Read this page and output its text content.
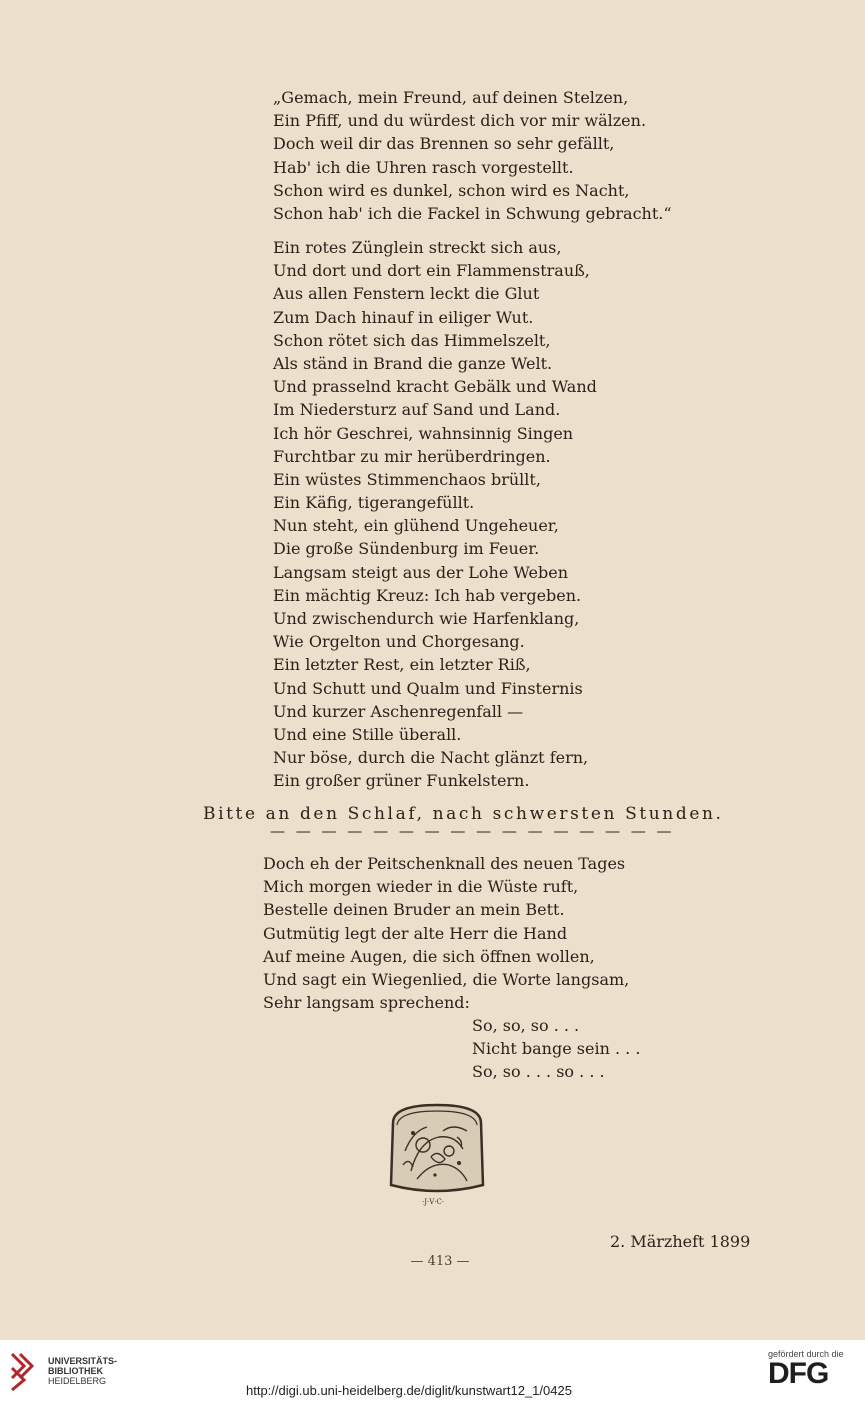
„Gemach, mein Freund, auf deinen Stelzen,
Ein Pfiff, und du würdest dich vor mir wälzen.
Doch weil dir das Brennen so sehr gefällt,
Hab' ich die Uhren rasch vorgestellt.
Schon wird es dunkel, schon wird es Nacht,
Schon hab' ich die Fackel in Schwung gebracht.“
Ein rotes Zünglein streckt sich aus,
Und dort und dort ein Flammenstrauß,
Aus allen Fenstern leckt die Glut
Zum Dach hinauf in eiliger Wut.
Schon rötet sich das Himmelszelt,
Als ständ in Brand die ganze Welt.
Und prasselnd kracht Gebälk und Wand
Im Niedersturz auf Sand und Land.
Ich hör Geschrei, wahnsinnig Singen
Furchtbar zu mir herüberdringen.
Ein wüstes Stimmenchaos brüllt,
Ein Käfig, tigerangefüllt.
Nun steht, ein glühend Ungeheuer,
Die große Sündenburg im Feuer.
Langsam steigt aus der Lohe Weben
Ein mächtig Kreuz: Ich hab vergeben.
Und zwischendurch wie Harfenklang,
Wie Orgelton und Chorgesang.
Ein letzter Rest, ein letzter Riß,
Und Schutt und Qualm und Finsternis
Und kurzer Aschenregenfall —
Und eine Stille überall.
Nur böse, durch die Nacht glänzt fern,
Ein großer grüner Funkelstern.
Bitte an den Schlaf, nach schwersten Stunden.
— — — — — — — — — — — — — — — —
Doch eh der Peitschenknall des neuen Tages
Mich morgen wieder in die Wüste ruft,
Bestelle deinen Bruder an mein Bett.
Gutmütig legt der alte Herr die Hand
Auf meine Augen, die sich öffnen wollen,
Und sagt ein Wiegenlied, die Worte langsam,
Sehr langsam sprechend:
So, so, so . . .
Nicht bange sein . . .
So, so . . . so . . .
·J·V·C·
2. Märzheft 1899
— 413 —
UNIVERSITÄTS-
BIBLIOTHEK
HEIDELBERG
http://digi.ub.uni-heidelberg.de/diglit/kunstwart12_1/0425
gefördert durch die
DFG
